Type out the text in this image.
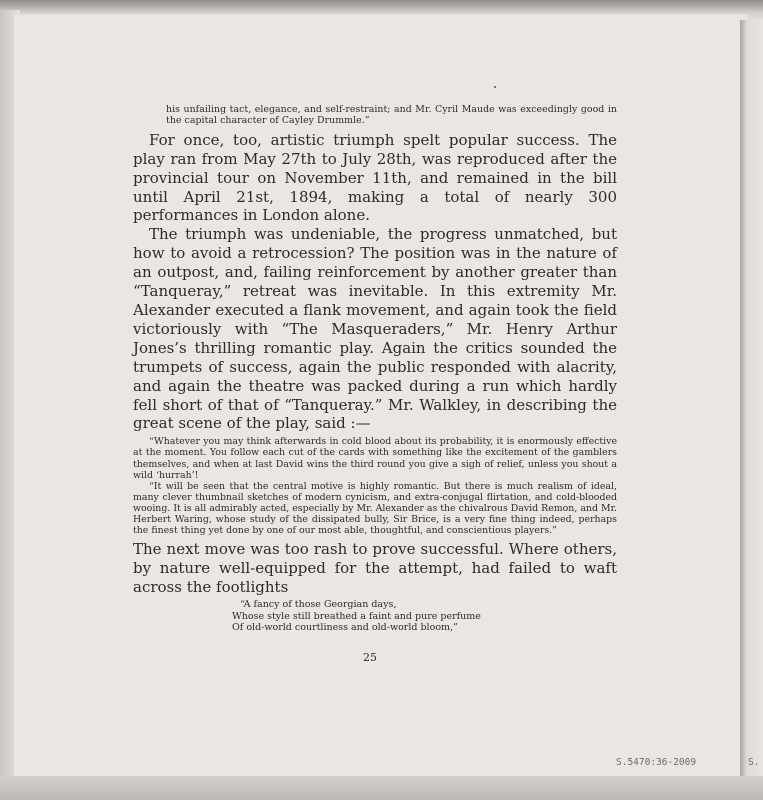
his unfailing tact, elegance, and self-restraint; and Mr. Cyril Maude was exceedingly good in the capital character of Cayley Drummle.”

For once, too, artistic triumph spelt popular success. The play ran from May 27th to July 28th, was reproduced after the provincial tour on November 11th, and remained in the bill until April 21st, 1894, making a total of nearly 300 performances in London alone.

The triumph was undeniable, the progress unmatched, but how to avoid a retrocession? The position was in the nature of an outpost, and, failing reinforcement by another greater than “Tanqueray,” retreat was inevitable. In this extremity Mr. Alexander executed a flank movement, and again took the field victoriously with “The Masqueraders,” Mr. Henry Arthur Jones’s thrilling romantic play. Again the critics sounded the trumpets of success, again the public responded with alacrity, and again the theatre was packed during a run which hardly fell short of that of “Tanqueray.” Mr. Walkley, in describing the great scene of the play, said :—

“Whatever you may think afterwards in cold blood about its probability, it is enormously effective at the moment. You follow each cut of the cards with something like the excitement of the gamblers themselves, and when at last David wins the third round you give a sigh of relief, unless you shout a wild ‘hurrah’!

“It will be seen that the central motive is highly romantic. But there is much realism of ideal, many clever thumbnail sketches of modern cynicism, and extra-conjugal flirtation, and cold-blooded wooing. It is all admirably acted, especially by Mr. Alexander as the chivalrous David Remon, and Mr. Herbert Waring, whose study of the dissipated bully, Sir Brice, is a very fine thing indeed, perhaps the finest thing yet done by one of our most able, thoughtful, and conscientious players.”

The next move was too rash to prove successful. Where others, by nature well-equipped for the attempt, had failed to waft across the footlights

“A fancy of those Georgian days,
Whose style still breathed a faint and pure perfume
Of old-world courtliness and old-world bloom,”
25
S.5470:36-2009	S.
